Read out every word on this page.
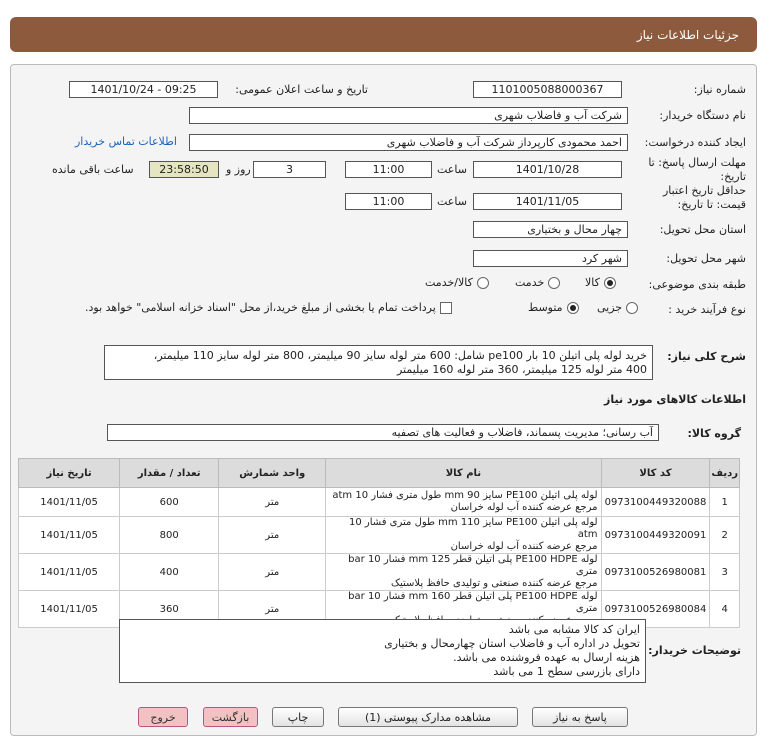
جزئیات اطلاعات نیاز
شماره نیاز:
1101005088000367
تاریخ و ساعت اعلان عمومی:
1401/10/24 - 09:25
نام دستگاه خریدار:
شرکت آب و فاضلاب شهری
ایجاد کننده درخواست:
احمد محمودی کارپرداز شرکت آب و فاضلاب شهری
اطلاعات تماس خریدار
مهلت ارسال پاسخ: تا تاریخ:
1401/10/28
ساعت
11:00
3
روز و
23:58:50
ساعت باقی مانده
حداقل تاریخ اعتبار قیمت: تا تاریخ:
1401/11/05
ساعت
11:00
استان محل تحویل:
چهار محال و بختیاری
شهر محل تحویل:
شهر کرد
طبقه بندی موضوعی:
کالا
خدمت
کالا/خدمت
نوع فرآیند خرید :
جزیی
متوسط
پرداخت تمام یا بخشی از مبلغ خرید،از محل "اسناد خزانه اسلامی" خواهد بود.
شرح کلی نیاز:
خرید لوله پلی اتیلن 10 بار pe100 شامل: 600 متر لوله سایز 90 میلیمتر، 800 متر لوله سایز 110 میلیمتر،
400 متر لوله 125 میلیمتر، 360 متر لوله 160 میلیمتر
اطلاعات کالاهای مورد نیاز
گروه کالا:
آب رسانی؛ مدیریت پسماند، فاضلاب و فعالیت های تصفیه
ردیف	کد کالا	نام کالا	واحد شمارش	تعداد / مقدار	تاریخ نیاز
1	0973100449320088	لوله پلی اتیلن PE100 سایز 90 mm طول متری فشار 10 atm
مرجع عرضه کننده آب لوله خراسان	متر	600	1401/11/05
2	0973100449320091	لوله پلی اتیلن PE100 سایز 110 mm طول متری فشار 10 atm
مرجع عرضه کننده آب لوله خراسان	متر	800	1401/11/05
3	0973100526980081	لوله PE100 HDPE پلی اتیلن قطر 125 mm فشار 10 bar متری
مرجع عرضه کننده صنعتی و تولیدی حافظ پلاستیک	متر	400	1401/11/05
4	0973100526980084	لوله PE100 HDPE پلی اتیلن قطر 160 mm فشار 10 bar متری	متر	360	1401/11/05
توضیحات خریدار:
ایران کد کالا مشابه می باشد
تحویل در اداره آب و فاضلاب استان چهارمحال و بختیاری
هزینه ارسال به عهده فروشنده می باشد.
دارای بازرسی سطح 1 می باشد
پاسخ به نیاز
مشاهده مدارک پیوستی (1)
چاپ
بازگشت
خروج
